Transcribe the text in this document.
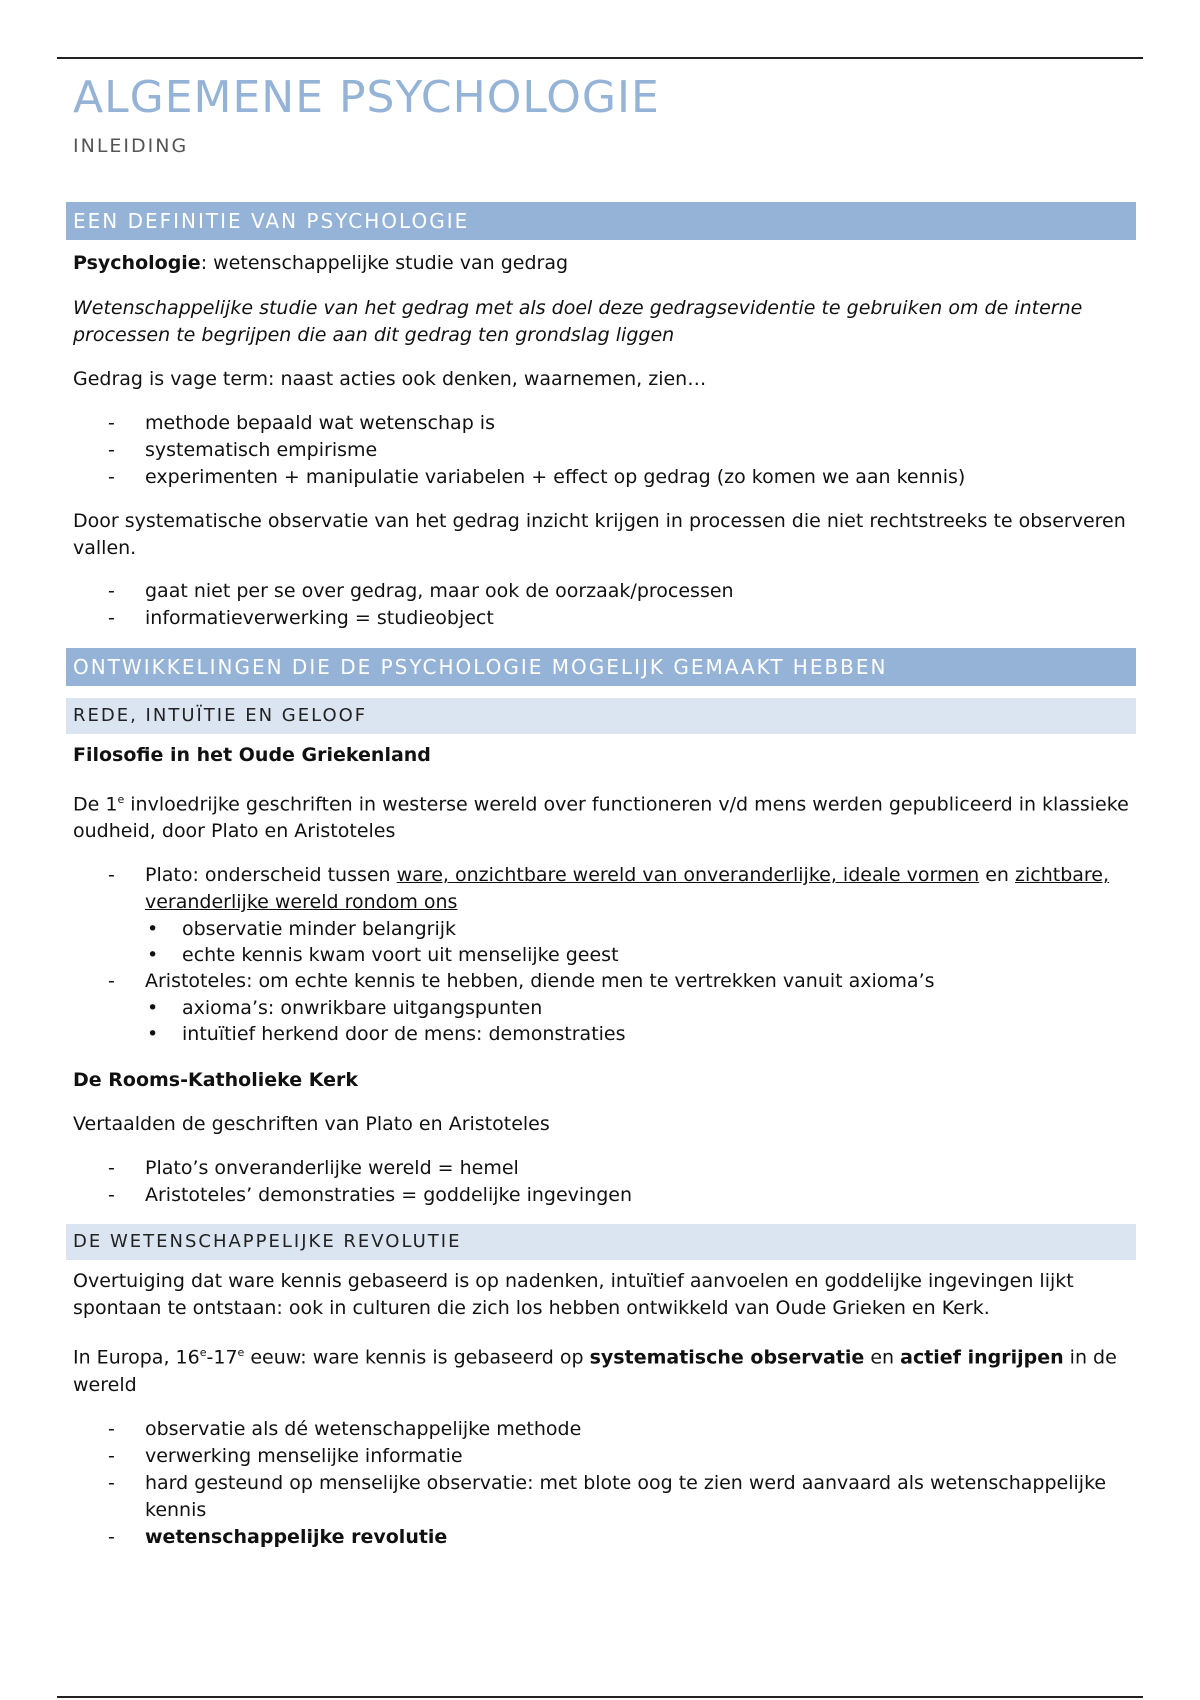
ALGEMENE PSYCHOLOGIE
INLEIDING
EEN DEFINITIE VAN PSYCHOLOGIE

Psychologie: wetenschappelijke studie van gedrag

Wetenschappelijke studie van het gedrag met als doel deze gedragsevidentie te gebruiken om de interne processen te begrijpen die aan dit gedrag ten grondslag liggen

Gedrag is vage term: naast acties ook denken, waarnemen, zien…

- methode bepaald wat wetenschap is
- systematisch empirisme
- experimenten + manipulatie variabelen + effect op gedrag (zo komen we aan kennis)

Door systematische observatie van het gedrag inzicht krijgen in processen die niet rechtstreeks te observeren vallen.

- gaat niet per se over gedrag, maar ook de oorzaak/processen
- informatieverwerking = studieobject
ONTWIKKELINGEN DIE DE PSYCHOLOGIE MOGELIJK GEMAAKT HEBBEN
REDE, INTUÏTIE EN GELOOF

Filosofie in het Oude Griekenland

De 1e invloedrijke geschriften in westerse wereld over functioneren v/d mens werden gepubliceerd in klassieke oudheid, door Plato en Aristoteles

- Plato: onderscheid tussen ware, onzichtbare wereld van onveranderlijke, ideale vormen en zichtbare, veranderlijke wereld rondom ons
• observatie minder belangrijk
• echte kennis kwam voort uit menselijke geest
- Aristoteles: om echte kennis te hebben, diende men te vertrekken vanuit axioma’s
• axioma’s: onwrikbare uitgangspunten
• intuïtief herkend door de mens: demonstraties

De Rooms-Katholieke Kerk

Vertaalden de geschriften van Plato en Aristoteles

- Plato’s onveranderlijke wereld = hemel
- Aristoteles’ demonstraties = goddelijke ingevingen
DE WETENSCHAPPELIJKE REVOLUTIE

Overtuiging dat ware kennis gebaseerd is op nadenken, intuïtief aanvoelen en goddelijke ingevingen lijkt spontaan te ontstaan: ook in culturen die zich los hebben ontwikkeld van Oude Grieken en Kerk.

In Europa, 16e-17e eeuw: ware kennis is gebaseerd op systematische observatie en actief ingrijpen in de wereld

- observatie als dé wetenschappelijke methode
- verwerking menselijke informatie
- hard gesteund op menselijke observatie: met blote oog te zien werd aanvaard als wetenschappelijke kennis
- wetenschappelijke revolutie
